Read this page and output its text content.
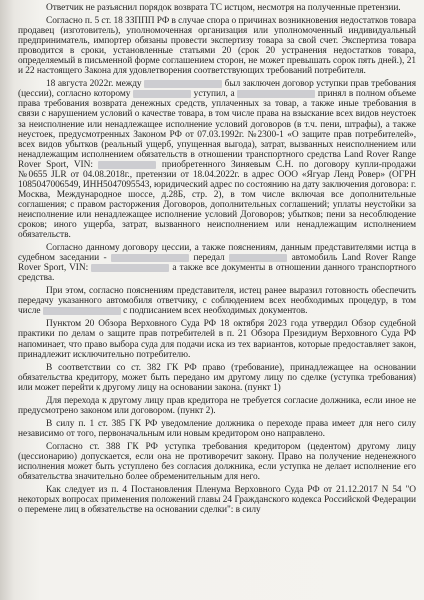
Ответчик не разъяснил порядок возврата ТС истцом, несмотря на полученные претензии.

Согласно п. 5 ст. 18 ЗЗППП РФ в случае спора о причинах возникновения недостатков товара продавец (изготовитель), уполномоченная организация или уполномоченный индивидуальный предприниматель, импортер обязаны провести экспертизу товара за свой счет. Экспертиза товара проводится в сроки, установленные статьями 20 (срок 20 устранения недостатков товара, определяемый в письменной форме соглашением сторон, не может превышать сорок пять дней.), 21 и 22 настоящего Закона для удовлетворения соответствующих требований потребителя.

18 августа 2022г. между	был заключен договор уступки прав требования (цессии), согласно которому	уступил, а	принял в полном объеме права требования возврата денежных средств, уплаченных за товар, а также иные требования в связи с нарушением условий о качестве товара, в том числе права на взыскание всех видов неустоек за неисполнение или ненадлежащее исполнение условий договоров (в т.ч. пени, штрафы), а также неустоек, предусмотренных Законом РФ от 07.03.1992г. №2300-1 «О защите прав потребителей», всех видов убытков (реальный ущерб, упущенная выгода), затрат, вызванных неисполнением или ненадлежащим исполнением обязательств в отношении транспортного средства Land Rover Range Rover Sport, VIN:	приобретенного Зиняевым С.Н. по договору купли-продажи №0655 JLR от 04.08.2018г., претензии от 18.04.2022г. в адрес ООО «Ягуар Ленд Ровер» (ОГРН 1085047006549, ИНН5047095543, юридический адрес по состоянию на дату заключения договора: г. Москва, Международное шоссе, д.28Б, стр. 2), в том числе включая все дополнительные соглашения; с правом расторжения Договоров, дополнительных соглашений; уплаты неустойки за неисполнение или ненадлежащее исполнение условий Договоров; убытков; пени за несоблюдение сроков; иного ущерба, затрат, вызванного неисполнением или ненадлежащим исполнением обязательств.

Согласно данному договору цессии, а также пояснениям, данным представителями истца в судебном заседании -	передал	автомобиль Land Rover Range Rover Sport, VIN:	а также все документы в отношении данного транспортного средства.

При этом, согласно пояснениям представителя, истец ранее выразил готовность обеспечить передачу указанного автомобиля ответчику, с соблюдением всех необходимых процедур, в том числе	с подписанием всех необходимых документов.

Пунктом 20 Обзора Верховного Суда РФ 18 октября 2023 года утвердил Обзор судебной практики по делам о защите прав потребителей в п. 21 Обзора Президиум Верховного Суда РФ напоминает, что право выбора суда для подачи иска из тех вариантов, которые предоставляет закон, принадлежит исключительно потребителю.

В соответствии со ст. 382 ГК РФ право (требование), принадлежащее на основании обязательства кредитору, может быть передано им другому лицу по сделке (уступка требования) или может перейти к другому лицу на основании закона. (пункт 1)

Для перехода к другому лицу прав кредитора не требуется согласие должника, если иное не предусмотрено законом или договором. (пункт 2).

В силу п. 1 ст. 385 ГК РФ уведомление должника о переходе права имеет для него силу независимо от того, первоначальным или новым кредитором оно направлено.

Согласно ст. 388 ГК РФ уступка требования кредитором (цедентом) другому лицу (цессионарию) допускается, если она не противоречит закону. Право на получение неденежного исполнения может быть уступлено без согласия должника, если уступка не делает исполнение его обязательства значительно более обременительным для него.

Как следует из п. 4 Постановления Пленума Верховного Суда РФ от 21.12.2017 N 54 "О некоторых вопросах применения положений главы 24 Гражданского кодекса Российской Федерации о перемене лиц в обязательстве на основании сделки": в силу
